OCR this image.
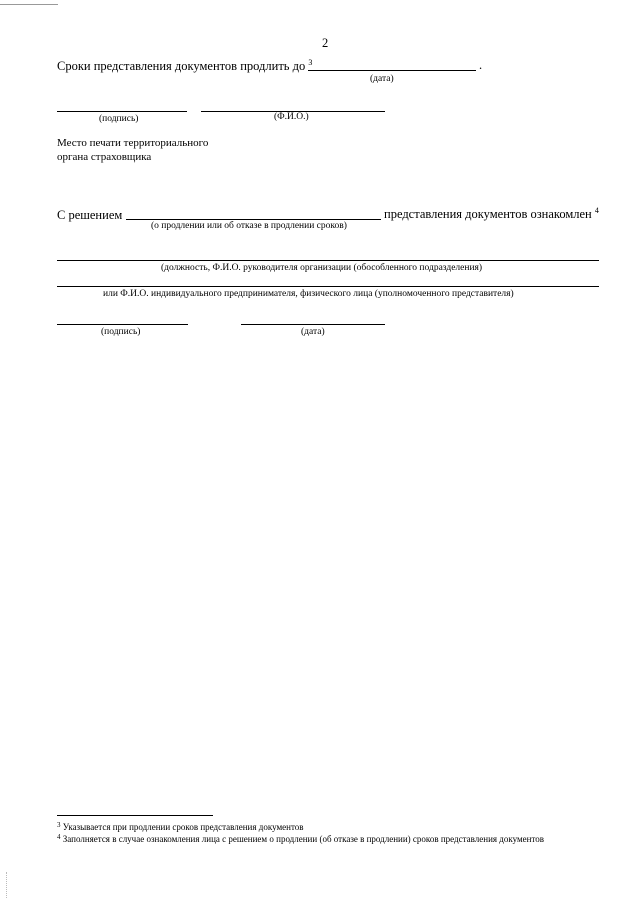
2
Сроки представления документов продлить до $^3$	.
(дата)
(подпись)	(Ф.И.О.)
Место печати территориального
органа страховщика
С решением	представления документов ознакомлен $^4$
(о продлении или об отказе в продлении сроков)
(должность, Ф.И.О. руководителя организации (обособленного подразделения)
или Ф.И.О. индивидуального предпринимателя, физического лица (уполномоченного представителя)
(подпись)	(дата)
$^3$ Указывается при продлении сроков представления документов
$^4$ Заполняется в случае ознакомления лица с решением о продлении (об отказе в продлении) сроков представления документов
